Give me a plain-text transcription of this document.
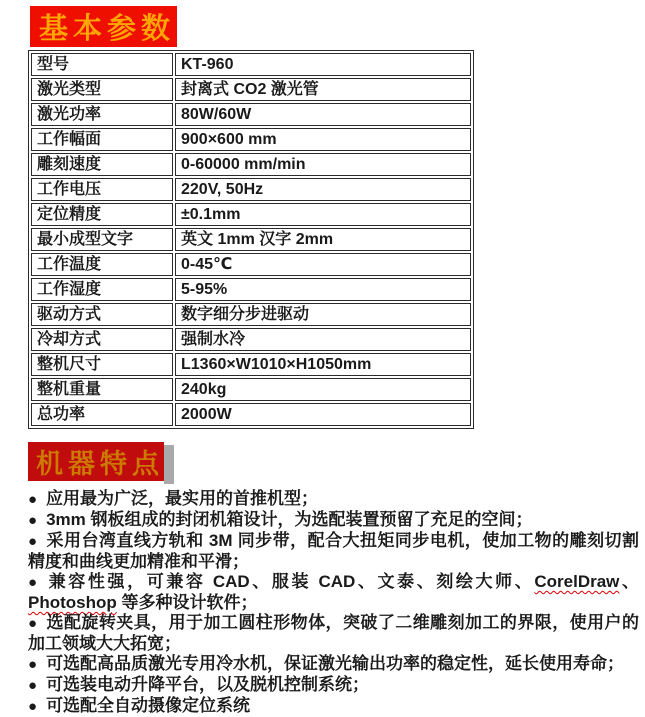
基本参数
型号	KT-960
激光类型	封离式 CO2 激光管
激光功率	80W/60W
工作幅面	900×600 mm
雕刻速度	0-60000 mm/min
工作电压	220V, 50Hz
定位精度	±0.1mm
最小成型文字	英文 1mm 汉字 2mm
工作温度	0-45℃
工作湿度	5-95%
驱动方式	数字细分步进驱动
冷却方式	强制水冷
整机尺寸	L1360×W1010×H1050mm
整机重量	240kg
总功率	2000W
机器特点

● 应用最为广泛，最实用的首推机型；

● 3mm 钢板组成的封闭机箱设计，为选配装置预留了充足的空间；

● 采用台湾直线方轨和 3M 同步带，配合大扭矩同步电机，使加工物的雕刻切割精度和曲线更加精准和平滑；

● 兼容性强，可兼容 CAD、服装 CAD、文泰、刻绘大师、CorelDraw、Photoshop 等多种设计软件；

● 选配旋转夹具，用于加工圆柱形物体，突破了二维雕刻加工的界限，使用户的加工领域大大拓宽；

● 可选配高品质激光专用冷水机，保证激光输出功率的稳定性，延长使用寿命；

● 可选装电动升降平台，以及脱机控制系统；

● 可选配全自动摄像定位系统
